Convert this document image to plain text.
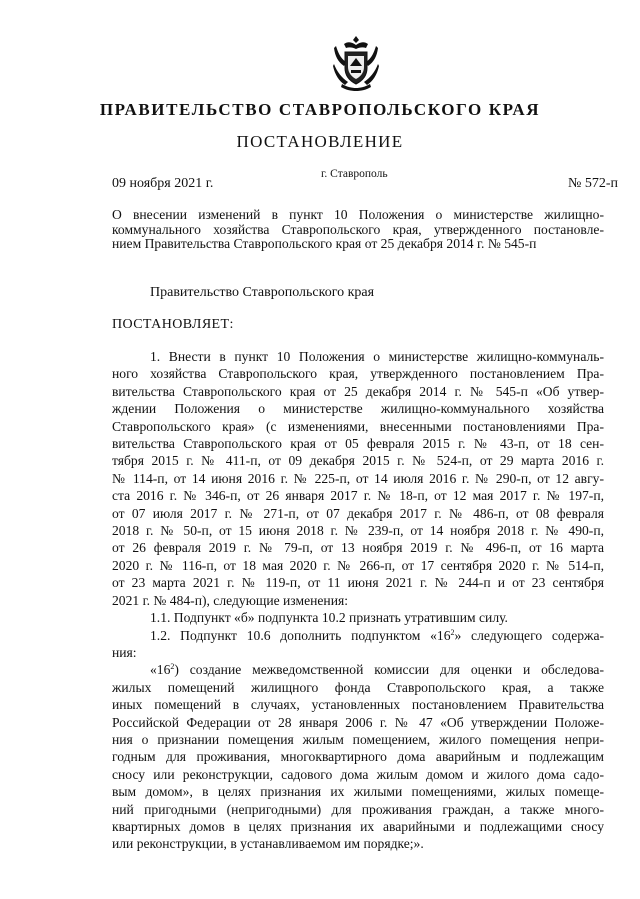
ПРАВИТЕЛЬСТВО СТАВРОПОЛЬСКОГО КРАЯ
ПОСТАНОВЛЕНИЕ
09 ноября 2021 г.
г. Ставрополь
№ 572-п
О внесении изменений в пункт 10 Положения о министерстве жилищно-
коммунального хозяйства Ставропольского края, утвержденного постановле-
нием Правительства Ставропольского края от 25 декабря 2014 г. № 545-п
Правительство Ставропольского края
ПОСТАНОВЛЯЕТ:

1. Внести в пункт 10 Положения о министерстве жилищно-коммуналь-
ного хозяйства Ставропольского края, утвержденного постановлением Пра-
вительства Ставропольского края от 25 декабря 2014 г. № 545-п «Об утвер-
ждении Положения о министерстве жилищно-коммунального хозяйства
Ставропольского края» (с изменениями, внесенными постановлениями Пра-
вительства Ставропольского края от 05 февраля 2015 г. № 43-п, от 18 сен-
тября 2015 г. № 411-п, от 09 декабря 2015 г. № 524-п, от 29 марта 2016 г.
№ 114-п, от 14 июня 2016 г. № 225-п, от 14 июля 2016 г. № 290-п, от 12 авгу-
ста 2016 г. № 346-п, от 26 января 2017 г. № 18-п, от 12 мая 2017 г. № 197-п,
от 07 июля 2017 г. № 271-п, от 07 декабря 2017 г. № 486-п, от 08 февраля
2018 г. № 50-п, от 15 июня 2018 г. № 239-п, от 14 ноября 2018 г. № 490-п,
от 26 февраля 2019 г. № 79-п, от 13 ноября 2019 г. № 496-п, от 16 марта
2020 г. № 116-п, от 18 мая 2020 г. № 266-п, от 17 сентября 2020 г. № 514-п,
от 23 марта 2021 г. № 119-п, от 11 июня 2021 г. № 244-п и от 23 сентября
2021 г. № 484-п), следующие изменения:

1.1. Подпункт «б» подпункта 10.2 признать утратившим силу.

1.2. Подпункт 10.6 дополнить подпунктом «$16^2$» следующего содержа-
ния:

«$16^2$) создание межведомственной комиссии для оценки и обследова-
жилых помещений жилищного фонда Ставропольского края, а также
иных помещений в случаях, установленных постановлением Правительства
Российской Федерации от 28 января 2006 г. № 47 «Об утверждении Положе-
ния о признании помещения жилым помещением, жилого помещения непри-
годным для проживания, многоквартирного дома аварийным и подлежащим
сносу или реконструкции, садового дома жилым домом и жилого дома садо-
вым домом», в целях признания их жилыми помещениями, жилых помеще-
ний пригодными (непригодными) для проживания граждан, а также много-
квартирных домов в целях признания их аварийными и подлежащими сносу
или реконструкции, в устанавливаемом им порядке;».
